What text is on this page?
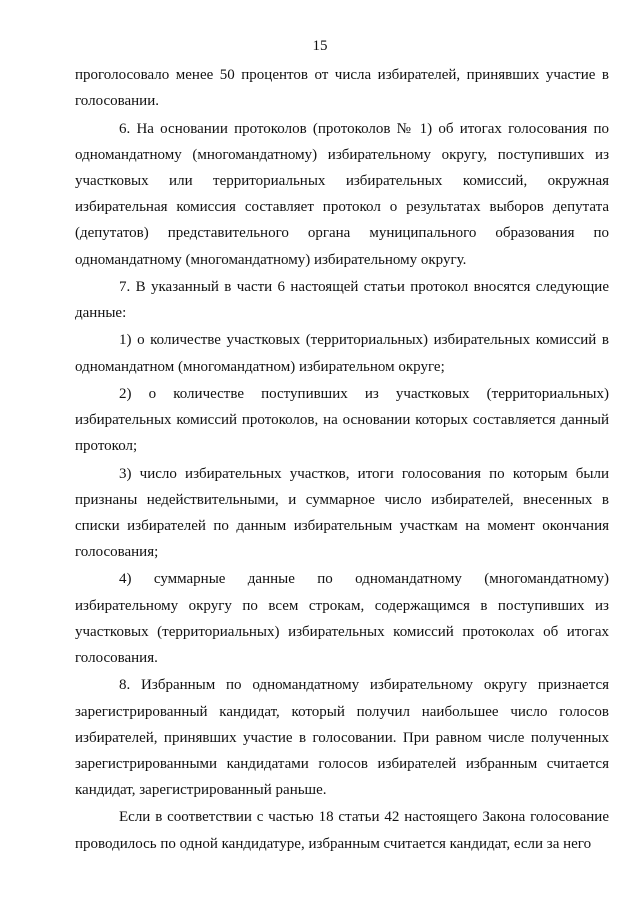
15

проголосовало менее 50 процентов от числа избирателей, принявших участие в голосовании.

6. На основании протоколов (протоколов № 1) об итогах голосования по одномандатному (многомандатному) избирательному округу, поступивших из участковых или территориальных избирательных комиссий, окружная избирательная комиссия составляет протокол о результатах выборов депутата (депутатов) представительного органа муниципального образования по одномандатному (многомандатному) избирательному округу.

7. В указанный в части 6 настоящей статьи протокол вносятся следующие данные:

1) о количестве участковых (территориальных) избирательных комиссий в одномандатном (многомандатном) избирательном округе;

2) о количестве поступивших из участковых (территориальных) избирательных комиссий протоколов, на основании которых составляется данный протокол;

3) число избирательных участков, итоги голосования по которым были признаны недействительными, и суммарное число избирателей, внесенных в списки избирателей по данным избирательным участкам на момент окончания голосования;

4) суммарные данные по одномандатному (многомандатному) избирательному округу по всем строкам, содержащимся в поступивших из участковых (территориальных) избирательных комиссий протоколах об итогах голосования.

8. Избранным по одномандатному избирательному округу признается зарегистрированный кандидат, который получил наибольшее число голосов избирателей, принявших участие в голосовании. При равном числе полученных зарегистрированными кандидатами голосов избирателей избранным считается кандидат, зарегистрированный раньше.

Если в соответствии с частью 18 статьи 42 настоящего Закона голосование проводилось по одной кандидатуре, избранным считается кандидат, если за него
